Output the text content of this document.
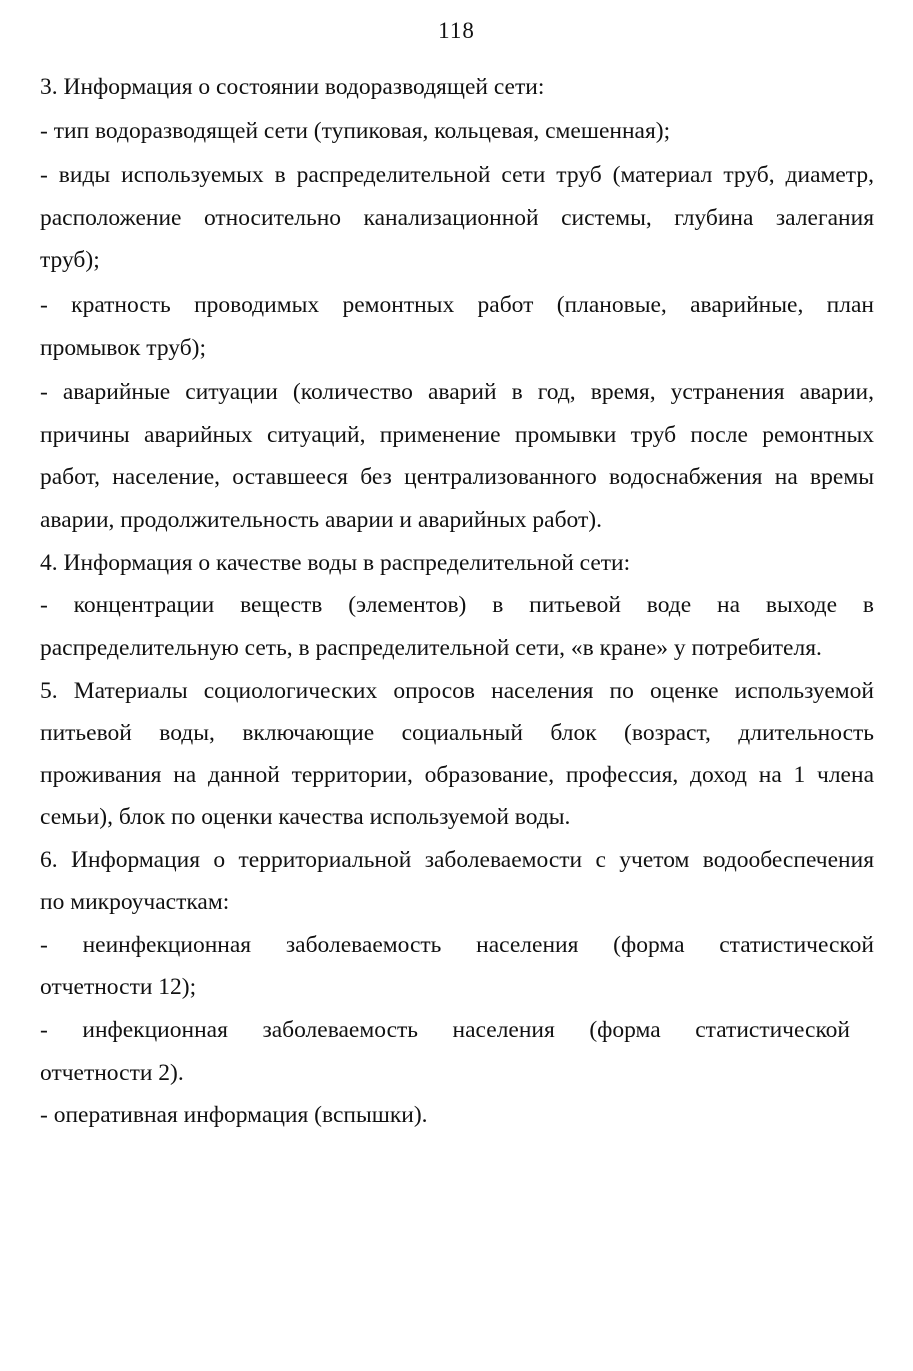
118
3. Информация о состоянии водоразводящей сети:
- тип водоразводящей сети (тупиковая, кольцевая, смешенная);
- виды используемых в распределительной сети труб (материал труб, диаметр,
расположение относительно канализационной системы, глубина залегания
труб);
- кратность проводимых ремонтных работ (плановые, аварийные, план
промывок труб);
- аварийные ситуации (количество аварий в год, время, устранения аварии,
причины аварийных ситуаций, применение промывки труб после ремонтных
работ, население, оставшееся без централизованного водоснабжения на времы
аварии, продолжительность аварии и аварийных работ).
4. Информация о качестве воды в распределительной сети:
- концентрации веществ (элементов) в питьевой воде на выходе в
распределительную сеть, в распределительной сети, «в кране» у потребителя.
5. Материалы социологических опросов населения по оценке используемой
питьевой воды, включающие социальный блок (возраст, длительность
проживания на данной территории, образование, профессия, доход на 1 члена
семьи), блок по оценки качества используемой воды.
6. Информация о территориальной заболеваемости с учетом водообеспечения
по микроучасткам:
- неинфекционная заболеваемость населения (форма статистической
отчетности 12);
- инфекционная заболеваемость населения (форма статистической
отчетности 2).
- оперативная информация (вспышки).
